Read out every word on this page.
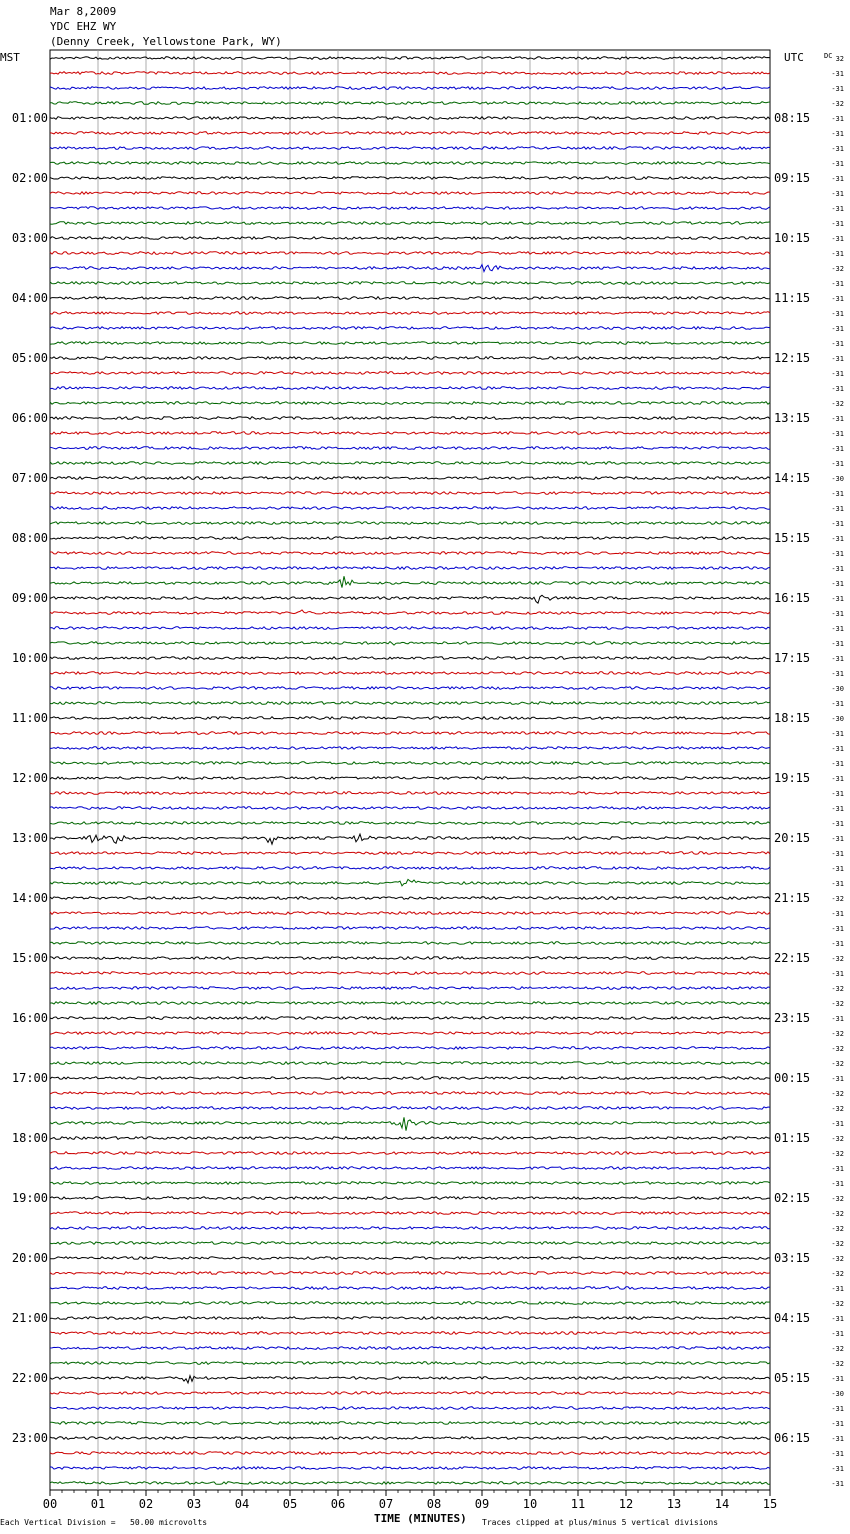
Mar 8,2009
YDC EHZ WY
(Denny Creek, Yellowstone Park, WY)
MST	UTC	DC
00	01	02	03	04	05	06	07	08	09	10	11	12	13	14	15
32
-31
-31
-32
01:00	08:15	-31
-31
-31
-31
02:00	09:15	-31
-31
-31
-31
03:00	10:15	-31
-31
-32
-31
04:00	11:15	-31
-31
-31
-31
05:00	12:15	-31
-31
-31
-32
06:00	13:15	-31
-31
-31
-31
07:00	14:15	-30
-31
-31
-31
08:00	15:15	-31
-31
-31
-31
09:00	16:15	-31
-31
-31
-31
10:00	17:15	-31
-31
-30
-31
11:00	18:15	-30
-31
-31
-31
12:00	19:15	-31
-31
-31
-31
13:00	20:15	-31
-31
-31
-31
14:00	21:15	-32
-31
-31
-31
15:00	22:15	-32
-31
-32
-32
16:00	23:15	-31
-32
-32
-32
17:00	00:15	-31
-32
-32
-31
18:00	01:15	-32
-32
-31
-31
19:00	02:15	-32
-32
-32
-32
20:00	03:15	-32
-32
-31
-32
21:00	04:15	-31
-31
-32
-32
22:00	05:15	-31
-30
-31
-31
23:00	06:15	-31
-31
-31
-31
Each Vertical Division =   50.00 microvolts	TIME (MINUTES) Traces clipped at plus/minus 5 vertical divisions
